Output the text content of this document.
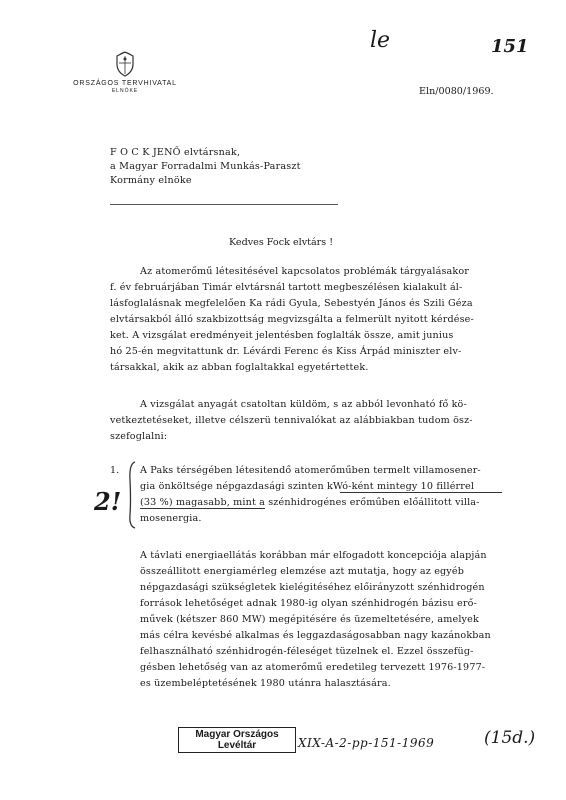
le	151
ORSZÁGOS TERVHIVATAL
ELNÖKE	Eln/0080/1969.
F O C K JENŐ elvtársnak,
a Magyar Forradalmi Munkás-Paraszt
Kormány elnöke
Kedves Fock elvtárs !
Az atomerőmű létesitésével kapcsolatos problémák tárgyalásakor
f. év februárjában Timár elvtársnál tartott megbeszélésen kialakult ál-
lásfoglalásnak megfelelően Ka rádi Gyula, Sebestyén János és Szili Géza
elvtársakból álló szakbizottság megvizsgálta a felmerült nyitott kérdése-
ket. A vizsgálat eredményeit jelentésben foglalták össze, amit junius
hó 25-én megvitattunk dr. Lévárdi Ferenc és Kiss Árpád miniszter elv-
társakkal, akik az abban foglaltakkal egyetértettek.
A vizsgálat anyagát csatoltan küldöm, s az abból levonható fő kö-
vetkeztetéseket, illetve célszerü tennivalókat az alábbiakban tudom ösz-
szefoglalni:
1.
2!
A Paks térségében létesitendő atomerőműben termelt villamosener-
gia önköltsége népgazdasági szinten kWó-ként mintegy 10 fillérrel
(33 %) magasabb, mint a szénhidrogénes erőműben előállitott villa-
mosenergia.
A távlati energiaellátás korábban már elfogadott koncepciója alapján
összeállitott energiamérleg elemzése azt mutatja, hogy az egyéb
népgazdasági szükségletek kielégitéséhez előirányzott szénhidrogén
források lehetőséget adnak 1980-ig olyan szénhidrogén bázisu erő-
művek (kétszer 860 MW) megépitésére és üzemeltetésére, amelyek
más célra kevésbé alkalmas és leggazdaságosabban nagy kazánokban
felhasználható szénhidrogén-féleséget tüzelnek el. Ezzel összefüg-
gésben lehetőség van az atomerőmű eredetileg tervezett 1976-1977-
es üzembeléptetésének 1980 utánra halasztására.
Magyar Országos
Levéltár	XIX-A-2-pp-151-1969	(15d.)
